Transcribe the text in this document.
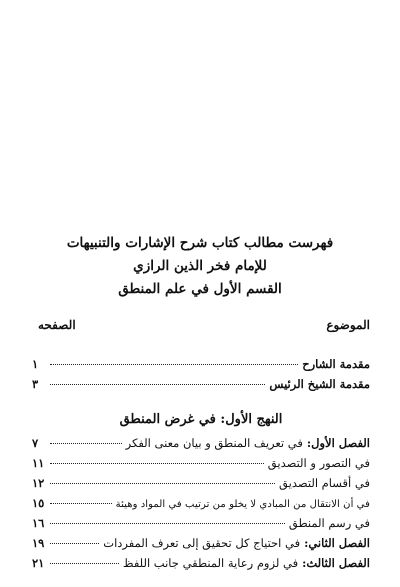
فهرست مطالب كتاب شرح الإشارات والتنبيهات
للإمام فخر الذين الرازي
القسم الأول في علم المنطق
الموضوع
الصفحه
مقدمة الشارح
١
مقدمة الشيخ الرئيس
٣
النهج الأول: في غرض المنطق
الفصل الأول:
في تعريف المنطق و بيان معنى الفكر
٧
في التصور و التصديق
١١
في أقسام التصديق
١٢
في أن الانتقال من المبادي لا يخلو من ترتيب في المواد وهيئة
١٥
في رسم المنطق
١٦
الفصل الثاني:
في احتياج كل تحقيق إلى تعرف المفردات
١٩
الفصل الثالث:
في لزوم رعاية المنطقي جانب اللفظ
٢١
